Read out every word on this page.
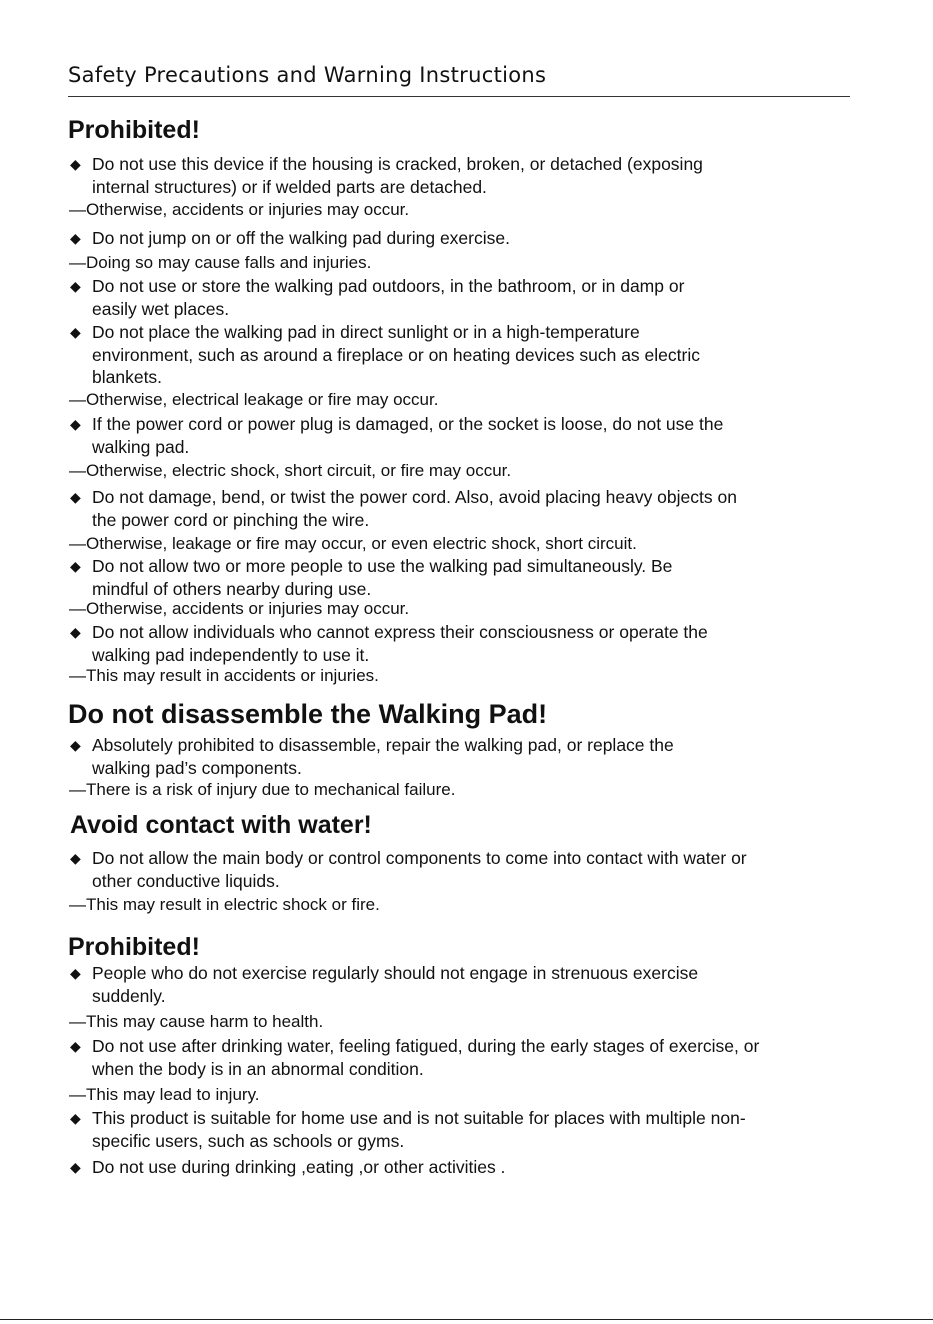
Safety Precautions and Warning Instructions
Prohibited!
◆ Do not use this device if the housing is cracked, broken, or detached (exposing
internal structures) or if welded parts are detached.
—Otherwise, accidents or injuries may occur.
◆ Do not jump on or off the walking pad during exercise.
—Doing so may cause falls and injuries.
◆ Do not use or store the walking pad outdoors, in the bathroom, or in damp or
easily wet places.
◆ Do not place the walking pad in direct sunlight or in a high-temperature
environment, such as around a fireplace or on heating devices such as electric
blankets.
—Otherwise, electrical leakage or fire may occur.
◆ If the power cord or power plug is damaged, or the socket is loose, do not use the
walking pad.
—Otherwise, electric shock, short circuit, or fire may occur.
◆ Do not damage, bend, or twist the power cord. Also, avoid placing heavy objects on
the power cord or pinching the wire.
—Otherwise, leakage or fire may occur, or even electric shock, short circuit.
◆ Do not allow two or more people to use the walking pad simultaneously. Be
mindful of others nearby during use.
—Otherwise, accidents or injuries may occur.
◆ Do not allow individuals who cannot express their consciousness or operate the
walking pad independently to use it.
—This may result in accidents or injuries.
Do not disassemble the Walking Pad!
◆ Absolutely prohibited to disassemble, repair the walking pad, or replace the
walking pad’s components.
—There is a risk of injury due to mechanical failure.
Avoid contact with water!
◆ Do not allow the main body or control components to come into contact with water or
other conductive liquids.
—This may result in electric shock or fire.
Prohibited!
◆ People who do not exercise regularly should not engage in strenuous exercise
suddenly.
—This may cause harm to health.
◆ Do not use after drinking water, feeling fatigued, during the early stages of exercise, or
when the body is in an abnormal condition.
—This may lead to injury.
◆ This product is suitable for home use and is not suitable for places with multiple non-
specific users, such as schools or gyms.
◆ Do not use during drinking ,eating ,or other activities .
